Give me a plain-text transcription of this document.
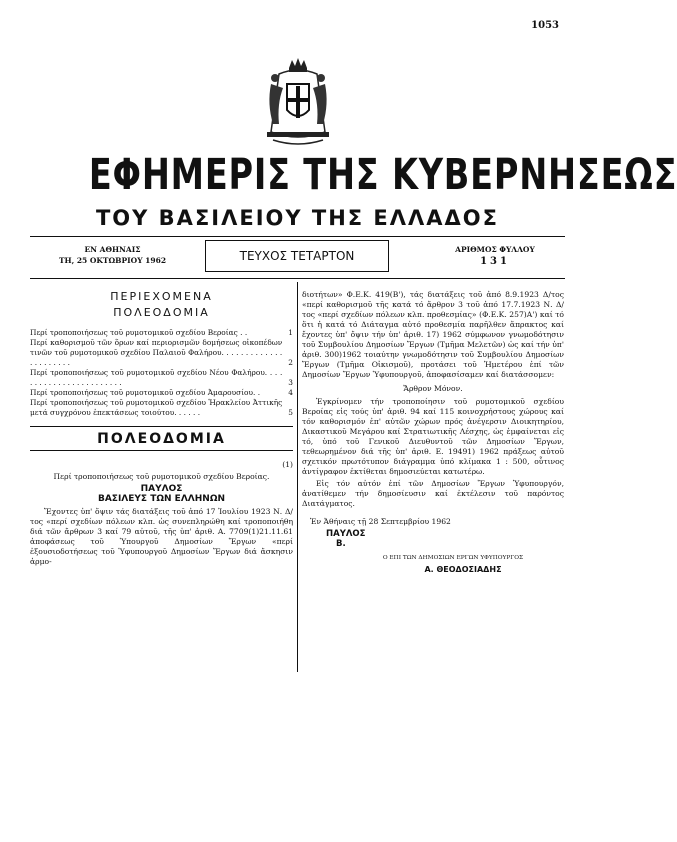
1053
ΕΦΗΜΕΡΙΣ ΤΗΣ ΚΥΒΕΡΝΗΣΕΩΣ
ΤΟΥ ΒΑΣΙΛΕΙΟΥ ΤΗΣ ΕΛΛΑΔΟΣ
ΕΝ ΑΘΗΝΑΙΣ
ΤΗ, 25 ΟΚΤΩΒΡΙΟΥ 1962	ΤΕΥΧΟΣ ΤΕΤΑΡΤΟΝ	ΑΡΙΘΜΟΣ ΦΥΛΛΟΥ
131
ΠΕΡΙΕΧΟΜΕΝΑ
ΠΟΛΕΟΔΟΜΙΑ
Περί τροποποιήσεως τοῦ ρυμοτομικοῦ σχεδίου Βεροίας . .	1
Περί καθορισμοῦ τῶν ὅρων καί περιορισμῶν δομήσεως οἰκοπέδων τινῶν τοῦ ρυμοτομικοῦ σχεδίου Παλαιοῦ Φαλήρου. . . . . . . . . . . . . . . . . . . . . .	2
Περί τροποποιήσεως τοῦ ρυμοτομικοῦ σχεδίου Νέου Φαλήρου. . . . . . . . . . . . . . . . . . . . . . . .	3
Περί τροποποιήσεως τοῦ ρυμοτομικοῦ σχεδίου Ἀμαρουσίου. .	4
Περί τροποποιήσεως τοῦ ρυμοτομικοῦ σχεδίου Ἡρακλείου Ἀττικῆς μετά συγχρόνου ἐπεκτάσεως τοιούτου. . . . . .	5
ΠΟΛΕΟΔΟΜΙΑ
(1)
Περί τροποποιήσεως τοῦ ρυμοτομικοῦ σχεδίου Βεροίας.
ΠΑΥΛΟΣ
ΒΑΣΙΛΕΥΣ ΤΩΝ ΕΛΛΗΝΩΝ
Ἔχοντες ὑπ' ὄψιν τάς διατάξεις τοῦ ἀπό 17 Ἰουλίου 1923 Ν. Δ/τος «περί σχεδίων πόλεων κλπ. ὡς συνεπληρώθη καί τροποποιήθη διά τῶν ἄρθρων 3 καί 79 αὐτοῦ, τῆς ὑπ' ἀριθ. Α. 7709(1)21.11.61 ἀποφάσεως τοῦ Ὑπουργοῦ Δημοσίων Ἔργων «περί ἐξουσιοδοτήσεως τοῦ Ὑφυπουργοῦ Δημοσίων Ἔργων διά ἄσκησιν ἁρμο-
διοτήτων» Φ.Ε.Κ. 419(Β'), τάς διατάξεις τοῦ ἀπό 8.9.1923 Δ/τος «περί καθορισμοῦ τῆς κατά τό ἄρθρον 3 τοῦ ἀπό 17.7.1923 Ν. Δ/τος «περί σχεδίων πόλεων κλπ. προθεσμίας» (Φ.Ε.Κ. 257)Α') καί τό ὅτι ἡ κατά τό Διάταγμα αὐτό προθεσμία παρῆλθεν ἄπρακτος καί ἔχοντες ὑπ' ὄψιν τήν ὑπ' ἀριθ. 17) 1962 σύμφωνον γνωμοδότησιν τοῦ Συμβουλίου Δημοσίων Ἔργων (Τμῆμα Μελετῶν) ὡς καί τήν ὑπ' ἀριθ. 300)1962 τοιαύτην γνωμοδότησιν τοῦ Συμβουλίου Δημοσίων Ἔργων (Τμῆμα Οἰκισμοῦ), προτάσει τοῦ Ἡμετέρου ἐπί τῶν Δημοσίων Ἔργων Ὑφυπουργοῦ, ἀποφασίσαμεν καί διατάσσομεν:
Ἄρθρον Μόνον.
Ἐγκρίνομεν τήν τροποποίησιν τοῦ ρυμοτομικοῦ σχεδίου Βεροίας εἰς τούς ὑπ' ἀριθ. 94 καί 115 κοινοχρήστους χώρους καί τόν καθορισμόν ἐπ' αὐτῶν χώρων πρός ἀνέγερσιν Διοικητηρίου, Δικαστικοῦ Μεγάρου καί Στρατιωτικῆς Λέσχης, ὡς ἐμφαίνεται εἰς τό, ὑπό τοῦ Γενικοῦ Διευθυντοῦ τῶν Δημοσίων Ἔργων, τεθεωρημένον διά τῆς ὑπ' ἀριθ. Ε. 19491) 1962 πράξεως αὐτοῦ σχετικόν πρωτότυπον διάγραμμα ὑπό κλίμακα 1 : 500, οὗτινος ἀντίγραφον ἐκτίθεται δημοσιεύεται κατωτέρω.
Εἰς τόν αὐτόν ἐπί τῶν Δημοσίων Ἔργων Ὑφυπουργόν, ἀνατίθεμεν τήν δημοσίευσιν καί ἐκτέλεσιν τοῦ παρόντος Διατάγματος.
Ἐν Ἀθήναις τῇ 28 Σεπτεμβρίου 1962
ΠΑΥΛΟΣ
Β.
Ο ΕΠΙ ΤΩΝ ΔΗΜΟΣΙΩΝ ΕΡΓΩΝ ΥΦΥΠΟΥΡΓΟΣ
Α. ΘΕΟΔΟΣΙΑΔΗΣ
